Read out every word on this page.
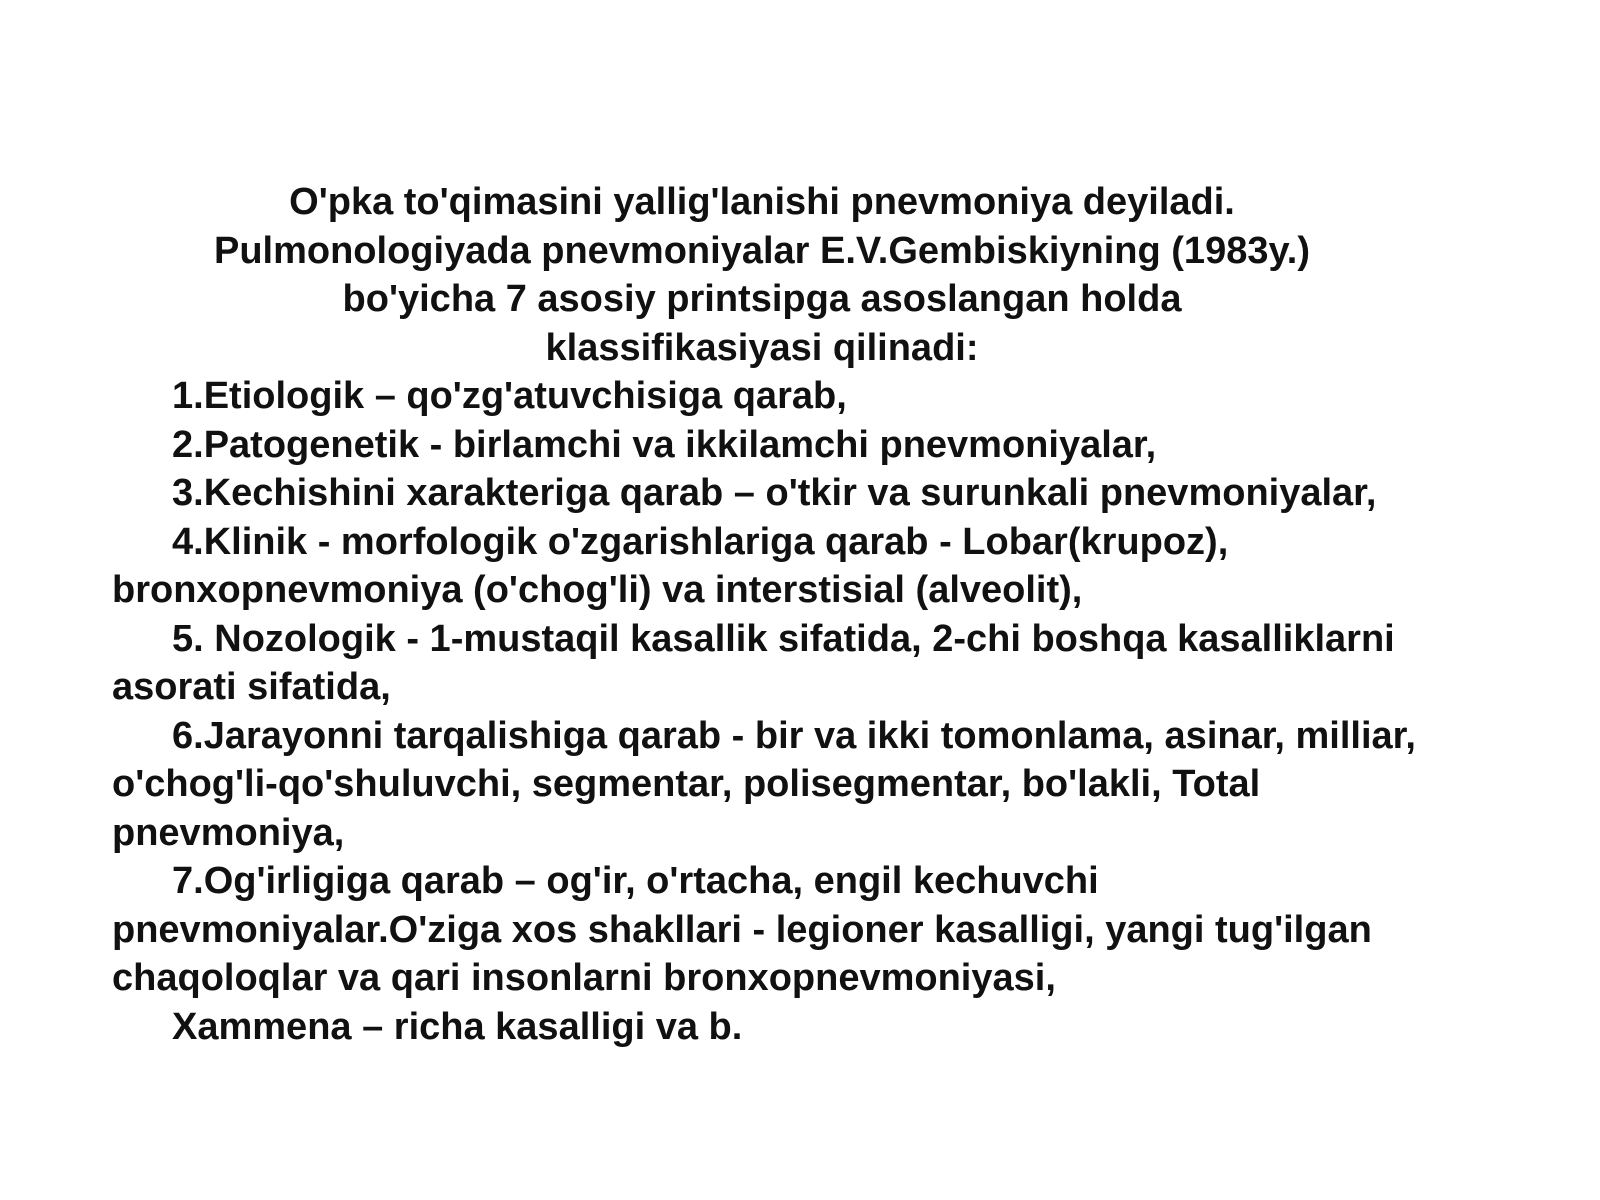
O'pka to'qimasini yallig'lanishi pnevmoniya deyiladi.
Pulmonologiyada pnevmoniyalar E.V.Gembiskiyning (1983y.)
bo'yicha 7 asosiy printsipga asoslangan holda
klassifikasiyasi qilinadi:

1.Etiologik – qo'zg'atuvchisiga qarab,
2.Patogenetik - birlamchi va ikkilamchi pnevmoniyalar,
3.Kechishini xarakteriga qarab – o'tkir va surunkali pnevmoniyalar,
4.Klinik - morfologik o'zgarishlariga qarab - Lobar(krupoz), bronxopnevmoniya (o'chog'li) va interstisial (alveolit),
5. Nozologik - 1-mustaqil kasallik sifatida, 2-chi boshqa kasalliklarni asorati sifatida,
6.Jarayonni tarqalishiga qarab - bir va ikki tomonlama, asinar, milliar, o'chog'li-qo'shuluvchi, segmentar, polisegmentar, bo'lakli, Total pnevmoniya,
7.Og'irligiga qarab – og'ir, o'rtacha, engil kechuvchi pnevmoniyalar.O'ziga xos shakllari - legioner kasalligi, yangi tug'ilgan chaqoloqlar va qari insonlarni bronxopnevmoniyasi,
Xammena – richa kasalligi va b.
